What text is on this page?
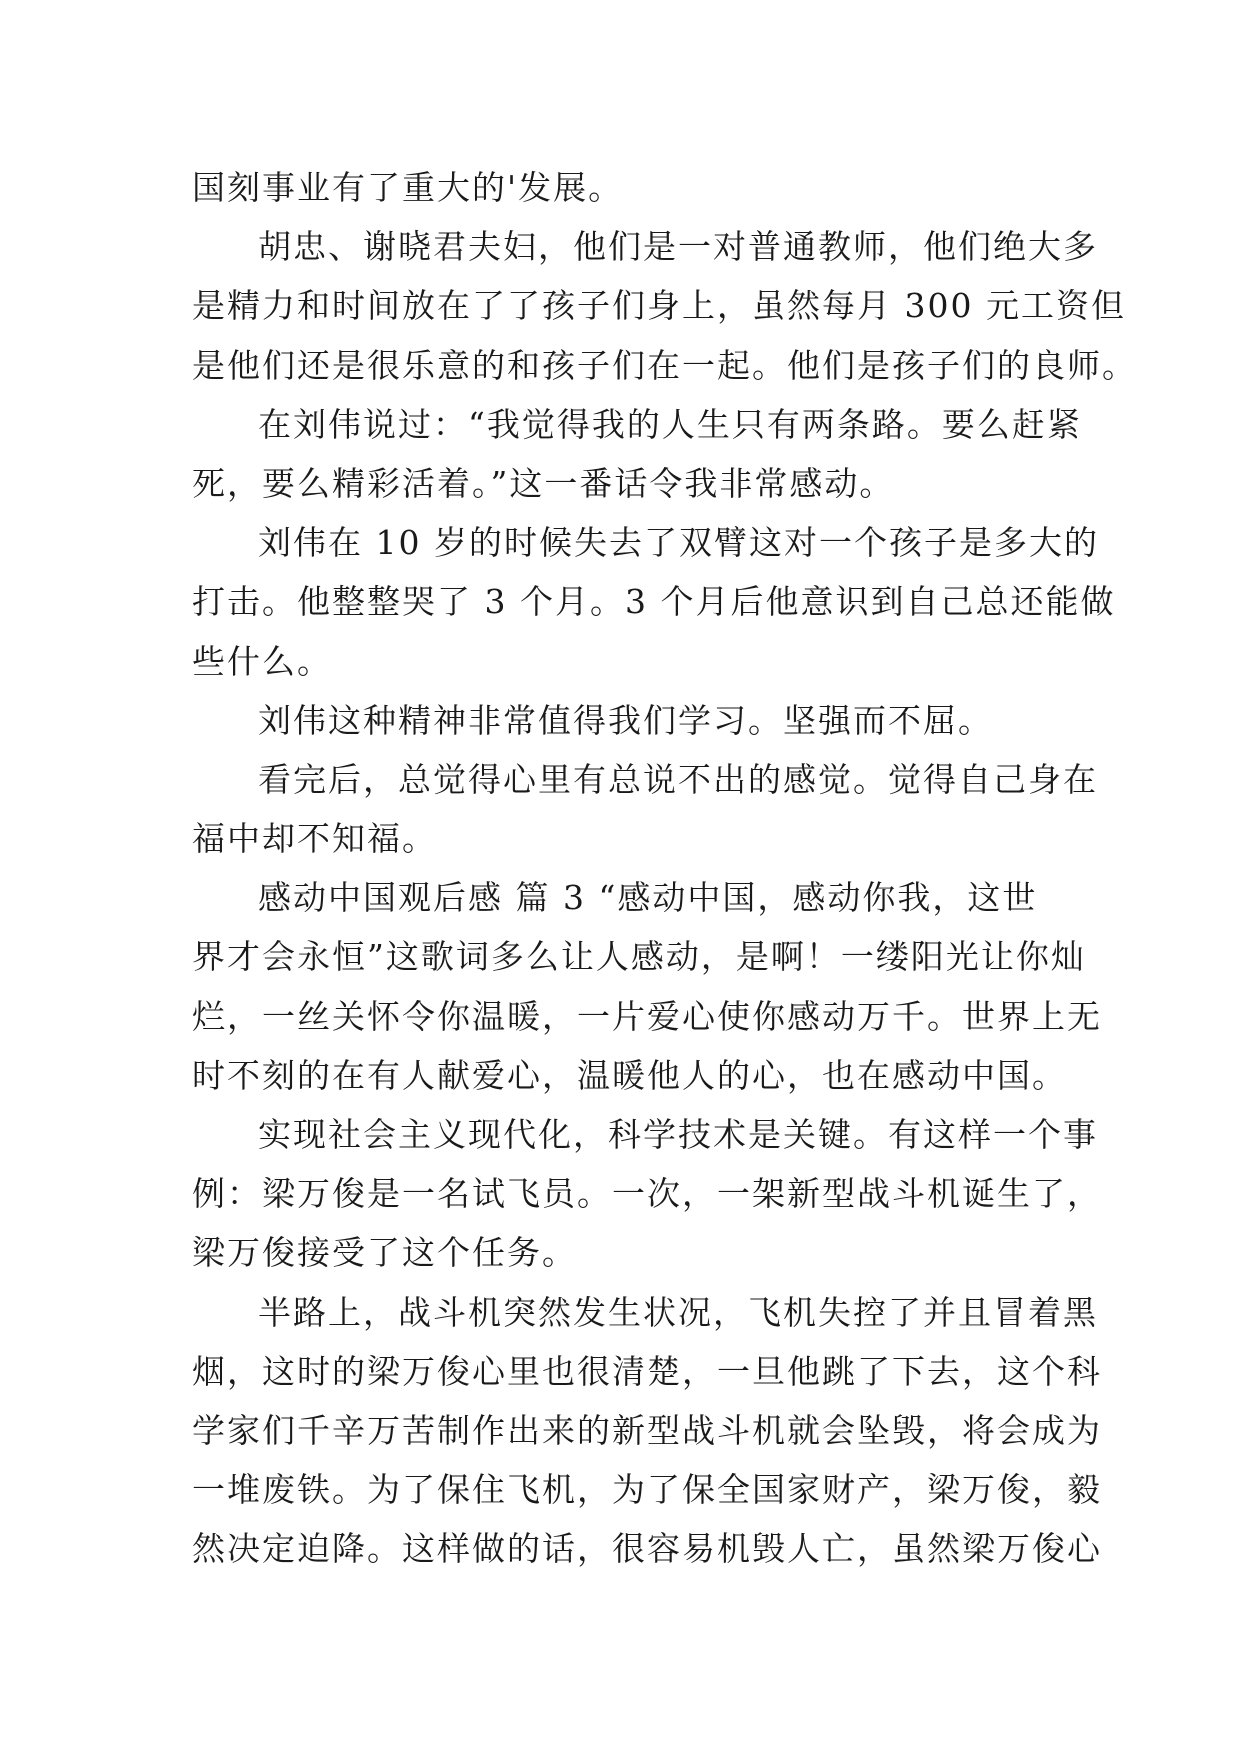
国刻事业有了重大的'发展。
胡忠、谢晓君夫妇，他们是一对普通教师，他们绝大多
是精力和时间放在了了孩子们身上，虽然每月 300 元工资但
是他们还是很乐意的和孩子们在一起。他们是孩子们的良师。
在刘伟说过：“我觉得我的人生只有两条路。要么赶紧
死，要么精彩活着。”这一番话令我非常感动。
刘伟在 10 岁的时候失去了双臂这对一个孩子是多大的
打击。他整整哭了 3 个月。3 个月后他意识到自己总还能做
些什么。
刘伟这种精神非常值得我们学习。坚强而不屈。
看完后，总觉得心里有总说不出的感觉。觉得自己身在
福中却不知福。
感动中国观后感 篇 3 “感动中国，感动你我，这世
界才会永恒”这歌词多么让人感动，是啊！一缕阳光让你灿
烂，一丝关怀令你温暖，一片爱心使你感动万千。世界上无
时不刻的在有人献爱心，温暖他人的心，也在感动中国。
实现社会主义现代化，科学技术是关键。有这样一个事
例：梁万俊是一名试飞员。一次，一架新型战斗机诞生了，
梁万俊接受了这个任务。
半路上，战斗机突然发生状况，飞机失控了并且冒着黑
烟，这时的梁万俊心里也很清楚，一旦他跳了下去，这个科
学家们千辛万苦制作出来的新型战斗机就会坠毁，将会成为
一堆废铁。为了保住飞机，为了保全国家财产，梁万俊，毅
然决定迫降。这样做的话，很容易机毁人亡，虽然梁万俊心
